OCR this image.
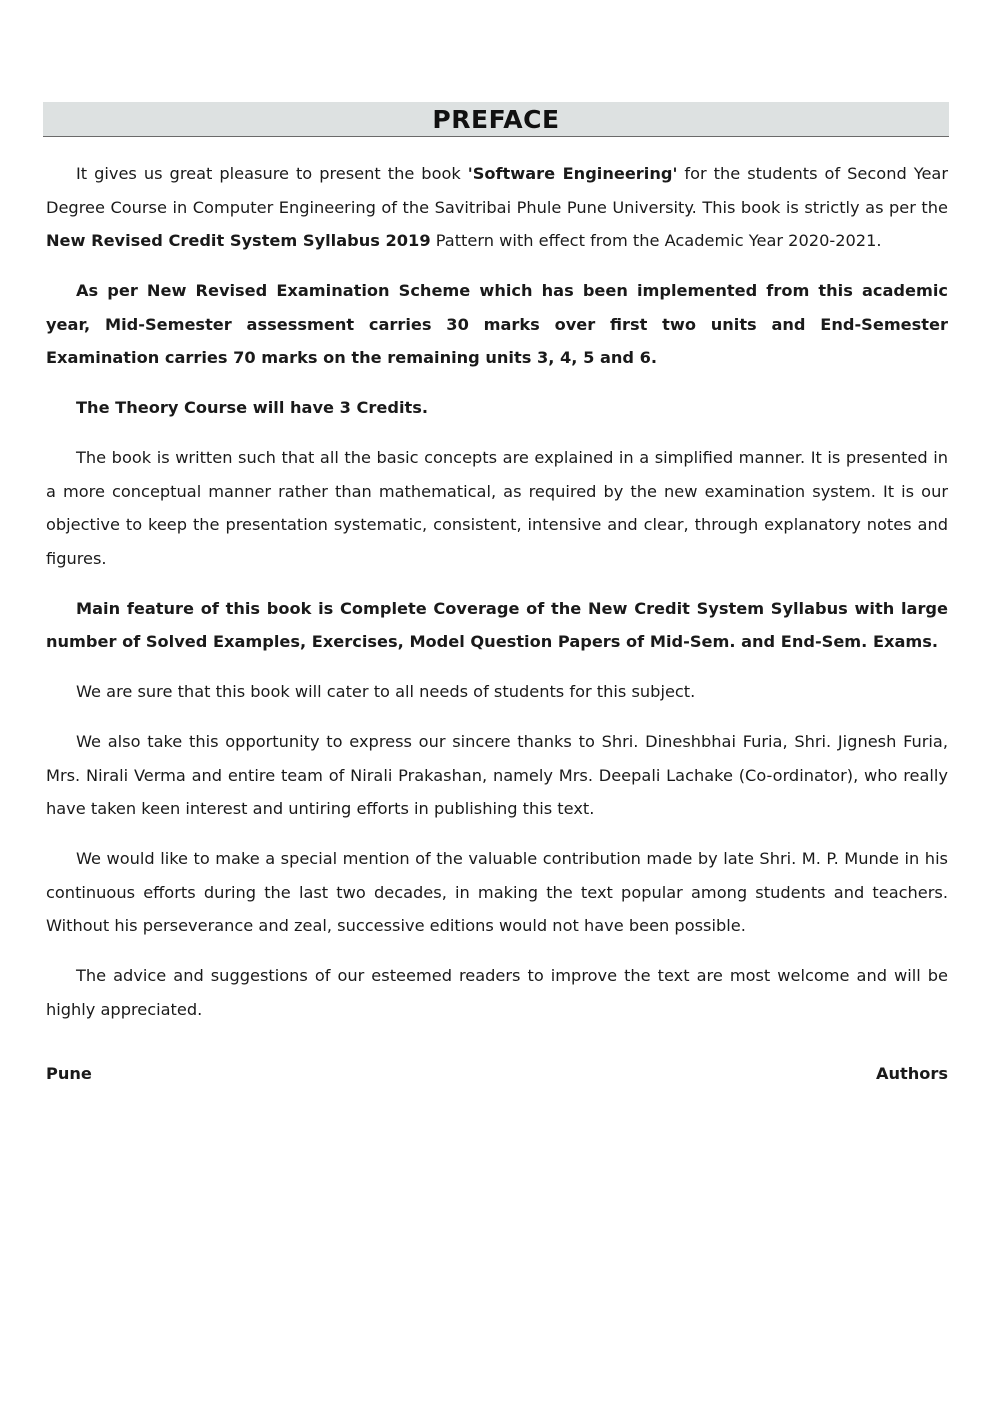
PREFACE

It gives us great pleasure to present the book 'Software Engineering' for the students of Second Year Degree Course in Computer Engineering of the Savitribai Phule Pune University. This book is strictly as per the New Revised Credit System Syllabus 2019 Pattern with effect from the Academic Year 2020-2021.

As per New Revised Examination Scheme which has been implemented from this academic year, Mid-Semester assessment carries 30 marks over first two units and End-Semester Examination carries 70 marks on the remaining units 3, 4, 5 and 6.

The Theory Course will have 3 Credits.

The book is written such that all the basic concepts are explained in a simplified manner. It is presented in a more conceptual manner rather than mathematical, as required by the new examination system. It is our objective to keep the presentation systematic, consistent, intensive and clear, through explanatory notes and figures.

Main feature of this book is Complete Coverage of the New Credit System Syllabus with large number of Solved Examples, Exercises, Model Question Papers of Mid-Sem. and End-Sem. Exams.

We are sure that this book will cater to all needs of students for this subject.

We also take this opportunity to express our sincere thanks to Shri. Dineshbhai Furia, Shri. Jignesh Furia, Mrs. Nirali Verma and entire team of Nirali Prakashan, namely Mrs. Deepali Lachake (Co-ordinator), who really have taken keen interest and untiring efforts in publishing this text.

We would like to make a special mention of the valuable contribution made by late Shri. M. P. Munde in his continuous efforts during the last two decades, in making the text popular among students and teachers. Without his perseverance and zeal, successive editions would not have been possible.

The advice and suggestions of our esteemed readers to improve the text are most welcome and will be highly appreciated.

Pune	Authors
